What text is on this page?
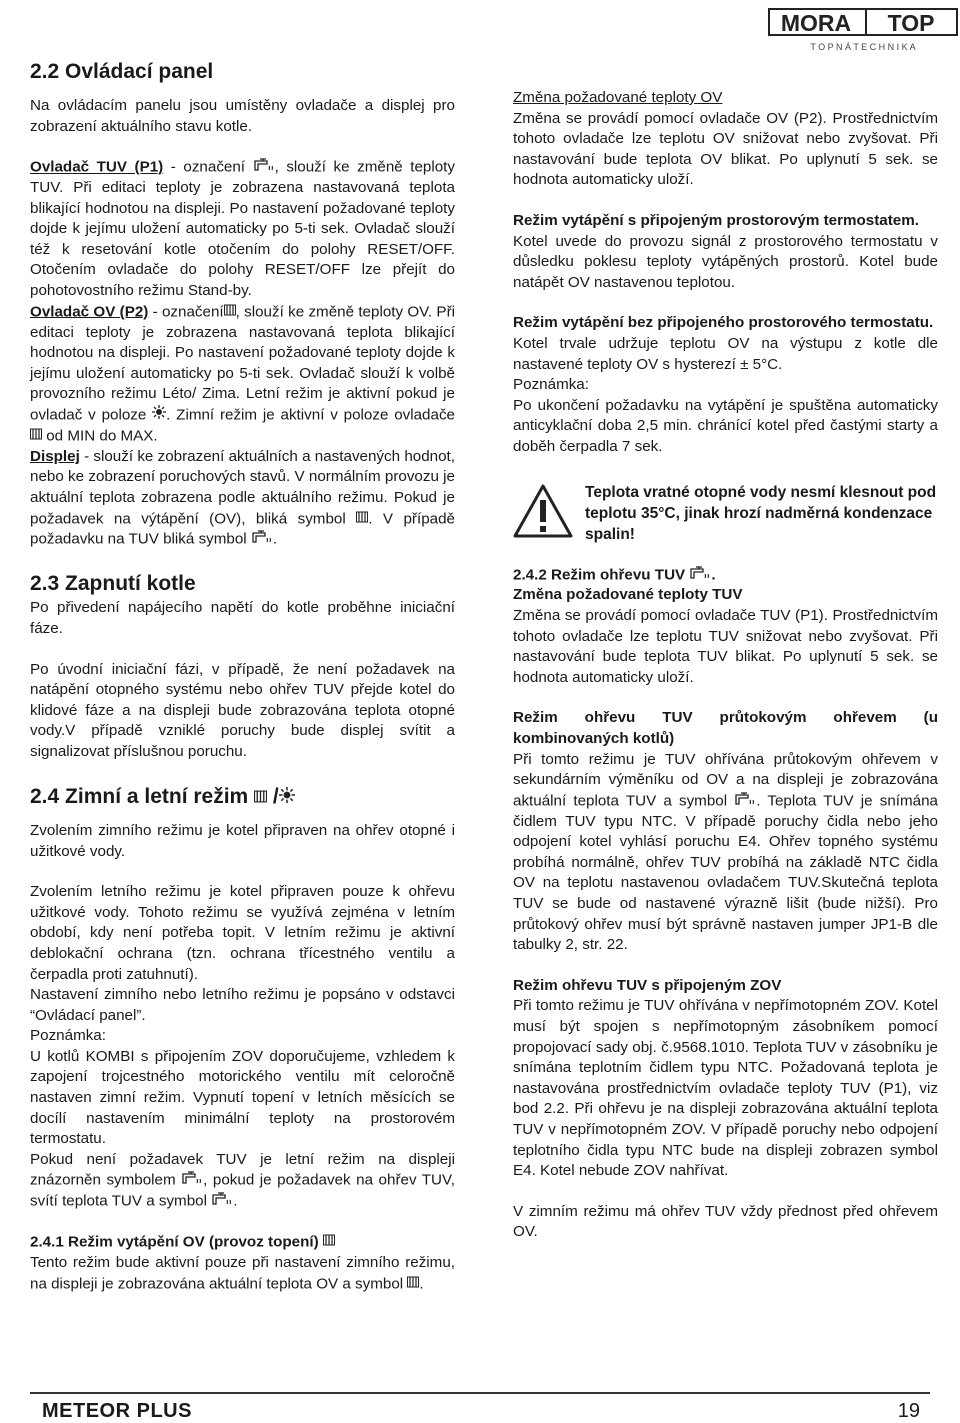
MORA TOP
T O P N Á T E C H N I K A
2.2 Ovládací panel

Na ovládacím panelu jsou umístěny ovladače a displej pro zobrazení aktuálního stavu kotle.

Ovladač TUV (P1) - označení , slouží ke změně teploty TUV. Při editaci teploty je zobrazena nastavovaná teplota blikající hodnotou na displeji. Po nastavení požadované teploty dojde k jejímu uložení automaticky po 5-ti sek. Ovladač slouží též k resetování kotle otočením do polohy RESET/OFF. Otočením ovladače do polohy RESET/OFF lze přejít do pohotovostního režimu Stand-by.

Ovladač OV (P2) - označení , slouží ke změně teploty OV. Při editaci teploty je zobrazena nastavovaná teplota blikající hodnotou na displeji. Po nastavení požadované teploty dojde k jejímu uložení automaticky po 5-ti sek. Ovladač slouží k volbě provozního režimu Léto/ Zima. Letní režim je aktivní pokud je ovladač v poloze . Zimní režim je aktivní v poloze ovladače  od MIN do MAX.

Displej - slouží ke zobrazení aktuálních a nastavených hodnot, nebo ke zobrazení poruchových stavů. V normálním provozu je aktuální teplota zobrazena podle aktuálního režimu. Pokud je požadavek na výtápění (OV), bliká symbol . V případě požadavku na TUV bliká symbol .

2.3 Zapnutí kotle

Po přivedení napájecího napětí do kotle proběhne iniciační fáze.

Po úvodní iniciační fázi, v případě, že není požadavek na natápění otopného systému nebo ohřev TUV přejde kotel do klidové fáze a na displeji bude zobrazována teplota otopné vody.V případě vzniklé poruchy bude displej svítit a signalizovat příslušnou poruchu.

2.4 Zimní a letní režim  /

Zvolením zimního režimu je kotel připraven na ohřev otopné i užitkové vody.

Zvolením letního režimu je kotel připraven pouze k ohřevu užitkové vody. Tohoto režimu se využívá zejména v letním období, kdy není potřeba topit. V letním režimu je aktivní deblokační ochrana (tzn. ochrana třícestného ventilu a čerpadla proti zatuhnutí).

Nastavení zimního nebo letního režimu je popsáno v odstavci “Ovládací panel”.

Poznámka:

U kotlů KOMBI s připojením ZOV doporučujeme, vzhledem k zapojení trojcestného motorického ventilu mít celoročně nastaven zimní režim. Vypnutí topení v letních měsících se docílí nastavením minimální teploty na prostorovém termostatu.

Pokud není požadavek TUV je letní režim na displeji znázorněn symbolem , pokud je požadavek na ohřev TUV, svítí teplota TUV a symbol .

2.4.1 Režim vytápění OV (provoz topení)

Tento režim bude aktivní pouze při nastavení zimního režimu, na displeji je zobrazována aktuální teplota OV a symbol .

Změna požadované teploty OV

Změna se provádí pomocí ovladače OV (P2). Prostřednictvím tohoto ovladače lze teplotu OV snižovat nebo zvyšovat. Při nastavování bude teplota OV blikat. Po uplynutí 5 sek. se hodnota automaticky uloží.

Režim vytápění s připojeným prostorovým termostatem.

Kotel uvede do provozu signál z prostorového termostatu v důsledku poklesu teploty vytápěných prostorů. Kotel bude natápět OV nastavenou teplotou.

Režim vytápění bez připojeného prostorového termostatu.

Kotel trvale udržuje teplotu OV na výstupu z kotle dle nastavené teploty OV s hysterezí ± 5°C.

Poznámka:

Po ukončení požadavku na vytápění je spuštěna automaticky anticyklační doba 2,5 min. chránící kotel před častými starty a doběh čerpadla 7 sek.

Teplota vratné otopné vody nesmí klesnout pod teplotu 35°C, jinak hrozí nadměrná kondenzace spalin!

2.4.2 Režim ohřevu TUV .

Změna požadované teploty TUV

Změna se provádí pomocí ovladače TUV (P1). Prostřednictvím tohoto ovladače lze teplotu TUV snižovat nebo zvyšovat. Při nastavování bude teplota TUV blikat. Po uplynutí 5 sek. se hodnota automaticky uloží.

Režim ohřevu TUV průtokovým ohřevem (u kombinovaných kotlů)

Při tomto režimu je TUV ohřívána průtokovým ohřevem v sekundárním výměníku od OV a na displeji je zobrazována aktuální teplota TUV a symbol . Teplota TUV je snímána čidlem TUV typu NTC. V případě poruchy čidla nebo jeho odpojení kotel vyhlásí poruchu E4. Ohřev topného systému probíhá normálně, ohřev TUV probíhá na základě NTC čidla OV na teplotu nastavenou ovladačem TUV.Skutečná teplota TUV se bude od nastavené výrazně lišit (bude nižší). Pro průtokový ohřev musí být správně nastaven jumper JP1-B dle tabulky 2, str. 22.

Režim ohřevu TUV s připojeným ZOV

Při tomto režimu je TUV ohřívána v nepřímotopném ZOV. Kotel musí být spojen s nepřímotopným zásobníkem pomocí propojovací sady obj. č.9568.1010. Teplota TUV v zásobníku je snímána teplotním čidlem typu NTC. Požadovaná teplota je nastavována prostřednictvím ovladače teploty TUV (P1), viz bod 2.2. Při ohřevu je na displeji zobrazována aktuální teplota TUV v nepřímotopném ZOV. V případě poruchy nebo odpojení teplotního čidla typu NTC bude na displeji zobrazen symbol E4. Kotel nebude ZOV nahřívat.

V zimním režimu má ohřev TUV vždy přednost před ohřevem OV.

METEOR PLUS	19
